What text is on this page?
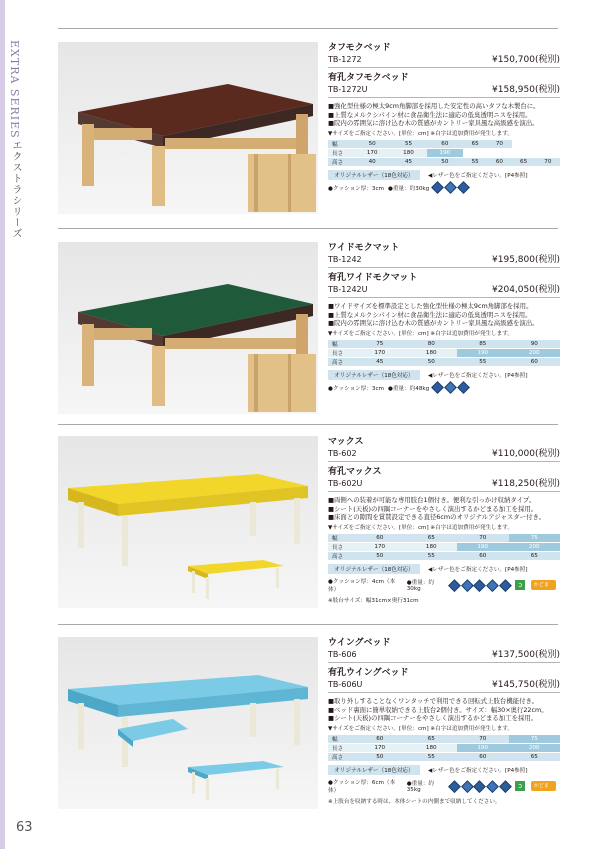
EXTRA SERIES
エクストラシリーズ
63
タフモクベッド
TB-1272	¥150,700(税別)
有孔タフモクベッド
TB-1272U	¥158,950(税別)
■強化型仕様の極太9cm角脚部を採用した安定性の高いタフな木製台に。
■上質なメルクシパイン材に食品衛生法に適応の低臭透明ニスを採用。
■院内の雰囲気に溶け込む木の質感がカントリー家具風な高級感を演出。
▼サイズをご指定ください。[単位：cm] ※白字は追加費用が発生します。
幅	50	55	60	65	70		
長さ	170	180	190				
高さ	40	45	50	55	60	65	70
オリジナルレザー（18色対応）	◀レザー色をご指定ください。[P4参照]
●クッション厚：3cm ●重量：約30kg
ワイドモクマット
TB-1242	¥195,800(税別)
有孔ワイドモクマット
TB-1242U	¥204,050(税別)
■ワイドサイズを標準設定とした強化型仕様の極太9cm角脚部を採用。
■上質なメルクシパイン材に食品衛生法に適応の低臭透明ニスを採用。
■院内の雰囲気に溶け込む木の質感がカントリー家具風な高級感を演出。
▼サイズをご指定ください。[単位：cm] ※白字は追加費用が発生します。
幅	75	80	85	90
長さ	170	180	190	200
高さ	45	50	55	60
オリジナルレザー（18色対応）	◀レザー色をご指定ください。[P4参照]
●クッション厚：3cm ●重量：約48kg
マックス
TB-602	¥110,000(税別)
有孔マックス
TB-602U	¥118,250(税別)
■両側への装着が可能な専用肢台1個付き。便利な引っかけ収納タイプ。
■シート(天板)の四隅コーナーをやさしく演出するかどまる加工を採用。
■床面との隙間を賞賛設定できる直径6cmのオリジナルアジャスター付き。
▼サイズをご指定ください。[単位：cm] ※白字は追加費用が発生します。
幅	60	65	70	75
長さ	170	180	190	200
高さ	50	55	60	65
オリジナルレザー（18色対応）	◀レザー色をご指定ください。[P4参照]
●クッション厚：4cm（本体）
●重量：約30kg	ɔ	かどまる
※肢台サイズ：幅31cm×奥行31cm
ウイングベッド
TB-606	¥137,500(税別)
有孔ウイングベッド
TB-606U	¥145,750(税別)
■取り外しすることなくワンタッチで利用できる回転式上肢台機能付き。
■ベッド裏面に簡単収納できる上肢台2個付き。サイズ：幅30×奥行22cm。
■シート(天板)の四隅コーナーをやさしく演出するかどまる加工を採用。
▼サイズをご指定ください。[単位：cm] ※白字は追加費用が発生します。
幅	60	65	70	75
長さ	170	180	190	200
高さ	50	55	60	65
オリジナルレザー（18色対応）	◀レザー色をご指定ください。[P4参照]
●クッション厚：6cm（本体）
●重量：約35kg	ɔ	かどまる
※上肢台を収納する時は、本体シートの内側まで収納してください。
